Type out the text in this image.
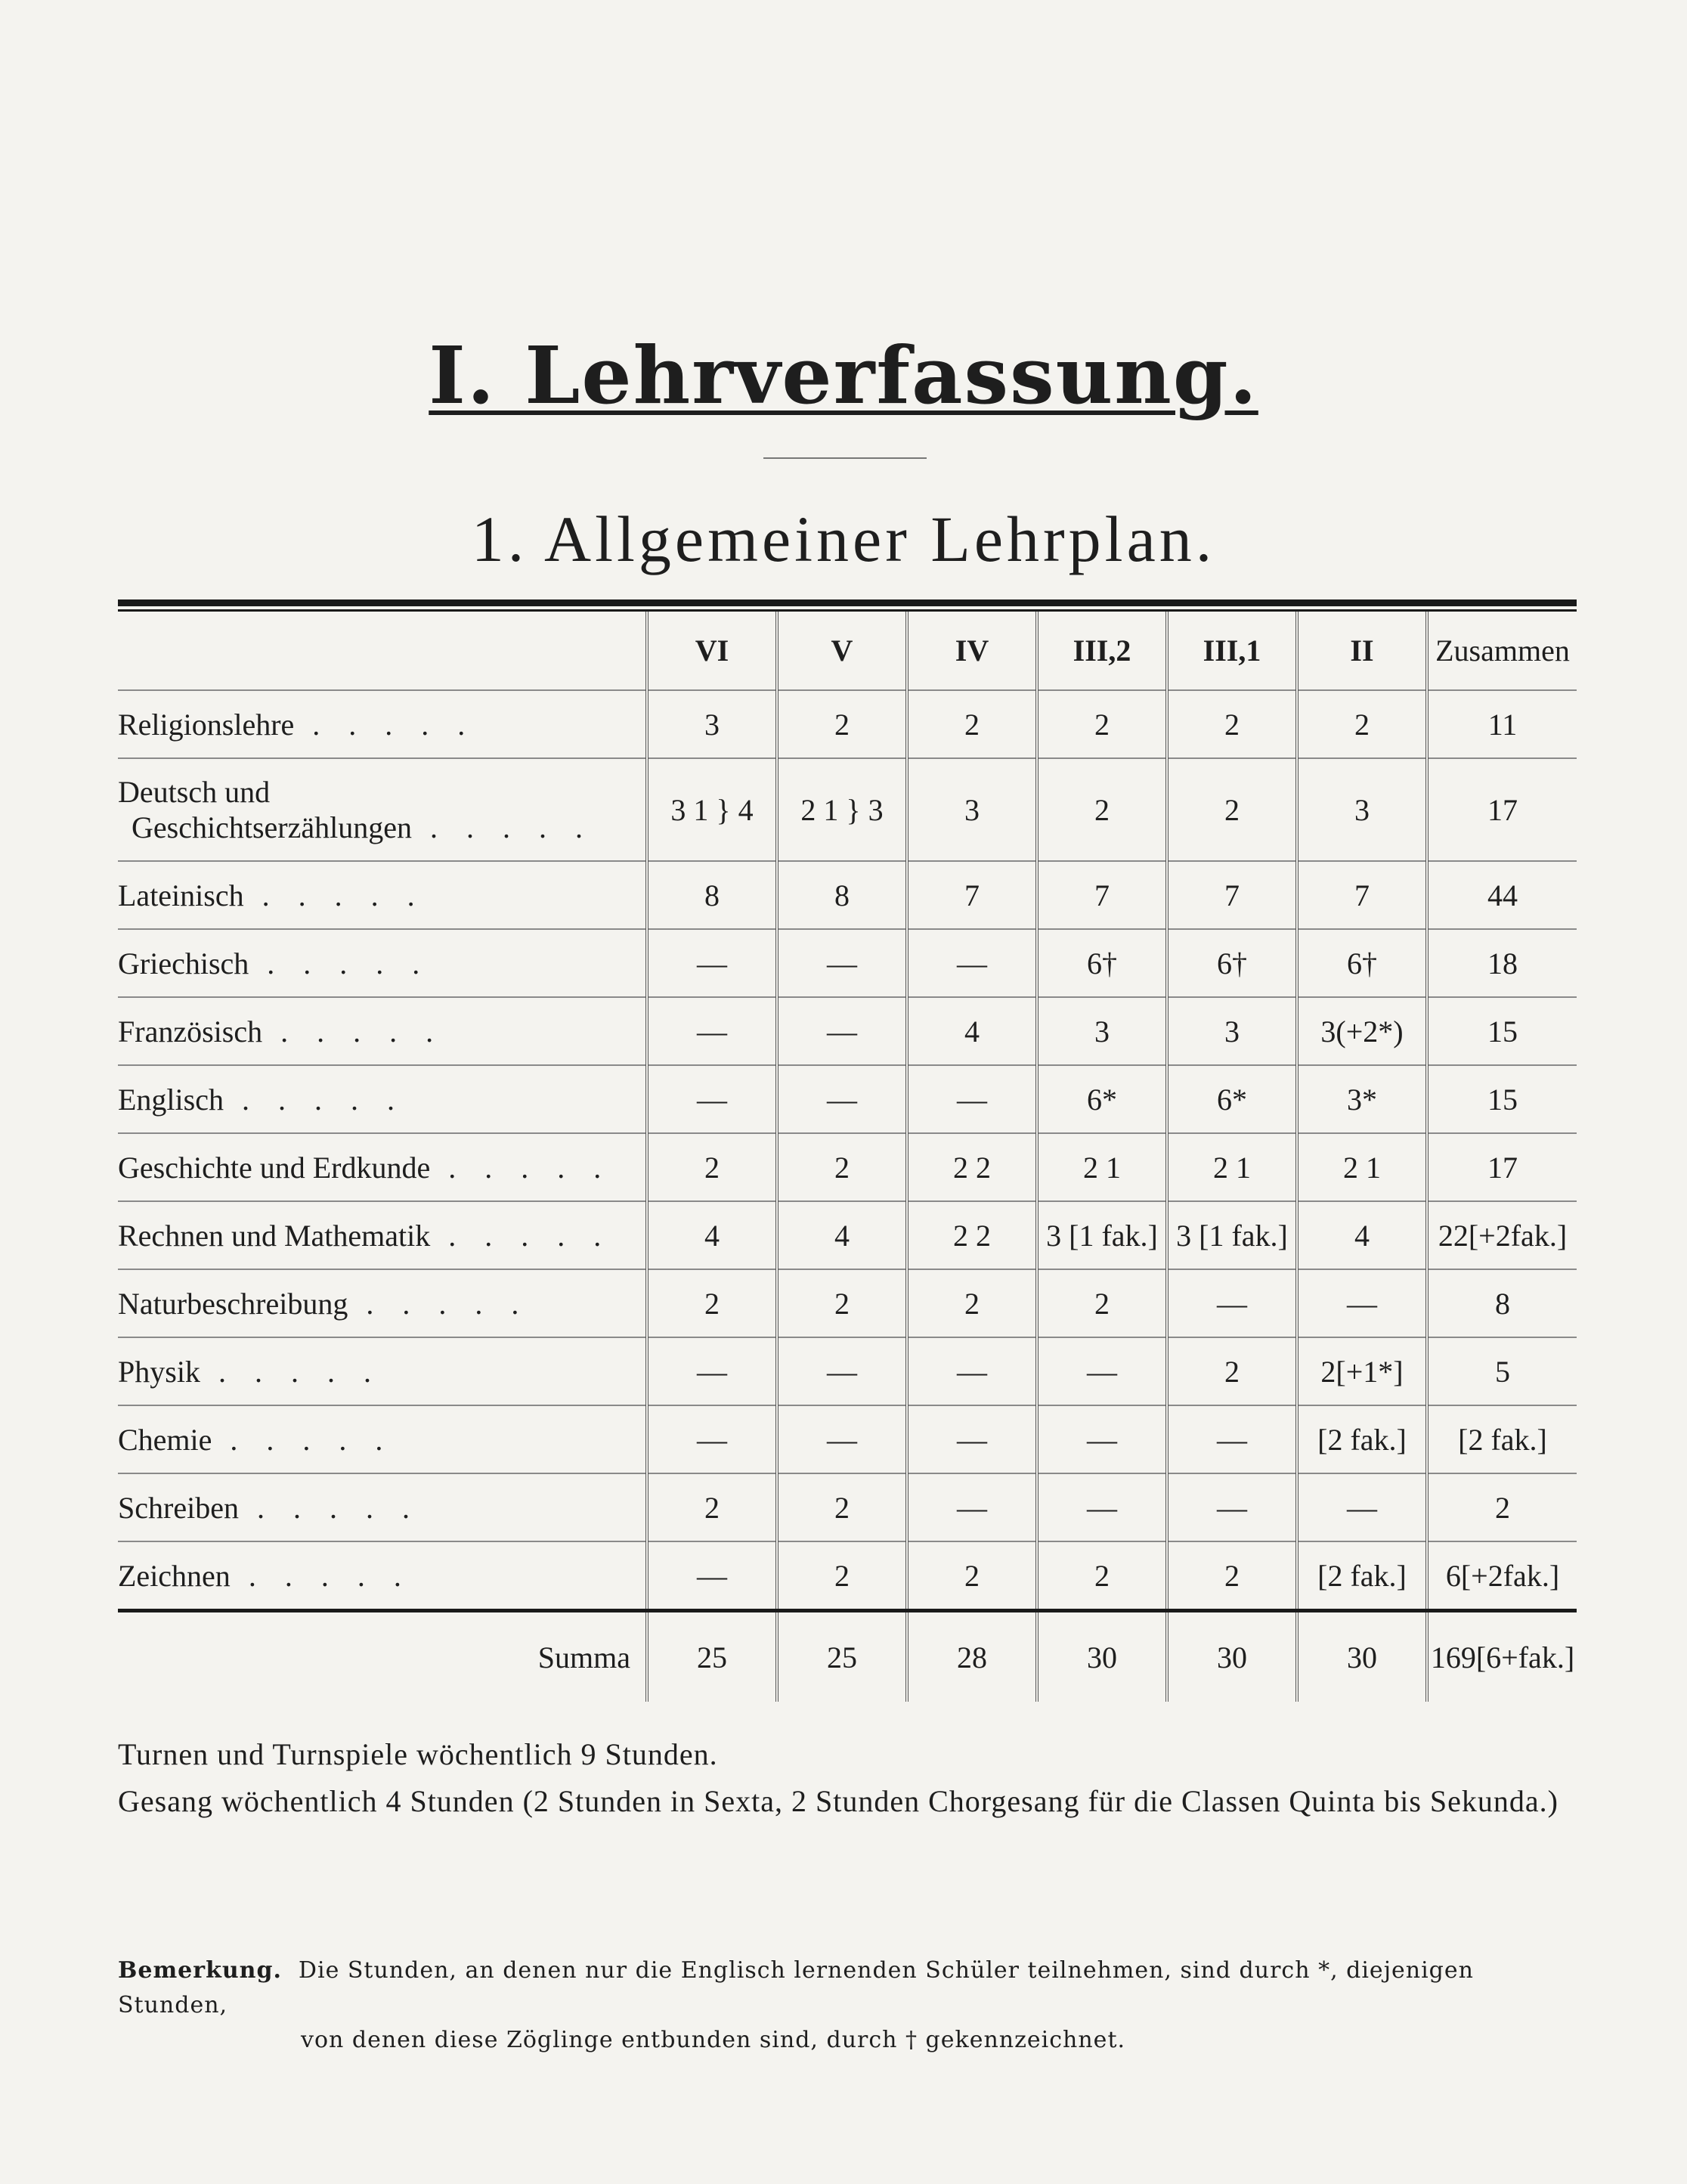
I. Lehrverfassung.
1. Allgemeiner Lehrplan.
	VI	V	IV	III,2	III,1	II	Zusammen
Religionslehre . . . . .	3	2	2	2	2	2	11

Deutsch und
Geschichtserzählungen . . . . .	3 1 } 4	2 1 } 3	3	2	2	3	17
Lateinisch . . . . .	8	8	7	7	7	7	44
Griechisch . . . . .	—	—	—	6†	6†	6†	18
Französisch . . . . .	—	—	4	3	3	3(+2*)	15
Englisch . . . . .	—	—	—	6*	6*	3*	15
Geschichte und Erdkunde . . . . .	2	2	2 2	2 1	2 1	2 1	17
Rechnen und Mathematik . . . . .	4	4	2 2	3 [1 fak.]	3 [1 fak.]	4	22[+2fak.]
Naturbeschreibung . . . . .	2	2	2	2	—	—	8
Physik . . . . .	—	—	—	—	2	2[+1*]	5
Chemie . . . . .	—	—	—	—	—	[2 fak.]	[2 fak.]
Schreiben . . . . .	2	2	—	—	—	—	2
Zeichnen . . . . .	—	2	2	2	2	[2 fak.]	6[+2fak.]
Summa	25	25	28	30	30	30	169[6+fak.]

Turnen und Turnspiele wöchentlich 9 Stunden.

Gesang wöchentlich 4 Stunden (2 Stunden in Sexta, 2 Stunden Chorgesang für die Classen Quinta bis Sekunda.)

Bemerkung. Die Stunden, an denen nur die Englisch lernenden Schüler teilnehmen, sind durch *, diejenigen Stunden,
von denen diese Zöglinge entbunden sind, durch † gekennzeichnet.
